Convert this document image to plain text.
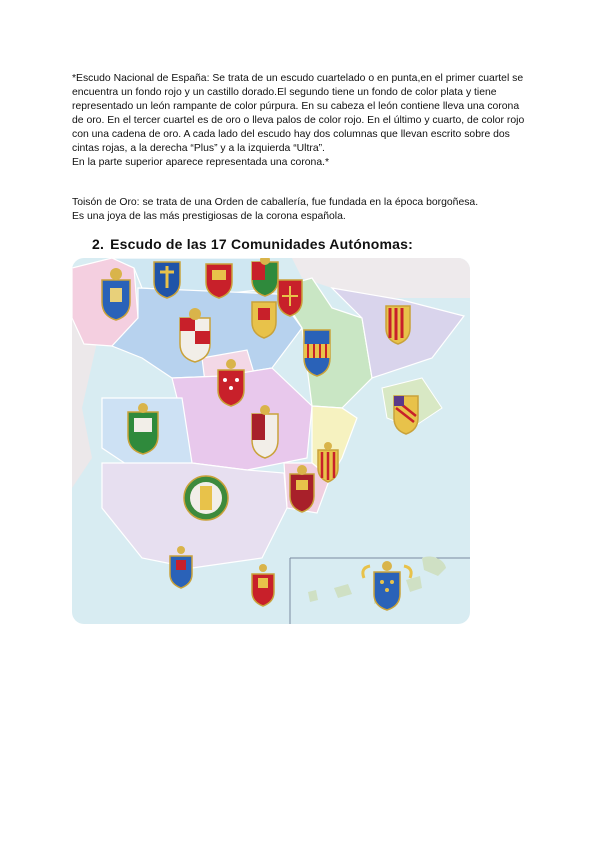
*Escudo Nacional de España: Se trata de un escudo cuartelado o en punta,en el primer cuartel se encuentra un fondo rojo y un castillo dorado.El segundo tiene un fondo de color plata y tiene representado un león rampante de color púrpura. En su cabeza el león contiene lleva una corona de oro. En el tercer cuartel es de oro o lleva palos de color rojo. En el último y cuarto, de color rojo con una cadena de oro. A cada lado del escudo hay dos columnas que llevan escrito sobre dos cintas rojas, a la derecha “Plus” y a la izquierda “Ultra”.
En la parte superior aparece representada una corona.*
Toisón de Oro: se trata de una Orden de caballería, fue fundada en la época borgoñesa.
Es una joya de las más prestigiosas de la corona española.
2. Escudo de las 17 Comunidades Autónomas:
